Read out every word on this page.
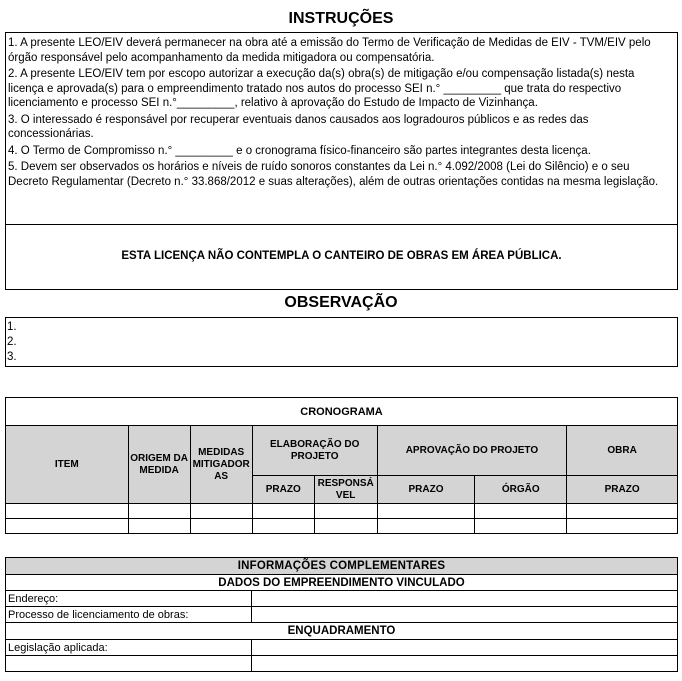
INSTRUÇÕES

1. A presente LEO/EIV deverá permanecer na obra até a emissão do Termo de Verificação de Medidas de EIV - TVM/EIV pelo órgão responsável pelo acompanhamento da medida mitigadora ou compensatória.

2. A presente LEO/EIV tem por escopo autorizar a execução da(s) obra(s) de mitigação e/ou compensação listada(s) nesta licença e aprovada(s) para o empreendimento tratado nos autos do processo SEI n.° _________ que trata do respectivo licenciamento e processo SEI n.°_________, relativo à aprovação do Estudo de Impacto de Vizinhança.

3. O interessado é responsável por recuperar eventuais danos causados aos logradouros públicos e as redes das concessionárias.

4. O Termo de Compromisso n.° _________ e o cronograma físico-financeiro são partes integrantes desta licença.

5. Devem ser observados os horários e níveis de ruído sonoros constantes da Lei n.° 4.092/2008 (Lei do Silêncio) e o seu Decreto Regulamentar (Decreto n.° 33.868/2012 e suas alterações), além de outras orientações contidas na mesma legislação.

ESTA LICENÇA NÃO CONTEMPLA O CANTEIRO DE OBRAS EM ÁREA PÚBLICA.
OBSERVAÇÃO
1.
2.
3.
CRONOGRAMA							
ITEM	ORIGEM DA MEDIDA	MEDIDAS MITIGADOR AS	ELABORAÇÃO DO PROJETO		APROVAÇÃO DO PROJETO		OBRA
			PRAZO	RESPONSÁ VEL	PRAZO	ÓRGÃO	PRAZO

INFORMAÇÕES COMPLEMENTARES	
DADOS DO EMPREENDIMENTO VINCULADO	
Endereço:	
Processo de licenciamento de obras:	
ENQUADRAMENTO	
Legislação aplicada:	
